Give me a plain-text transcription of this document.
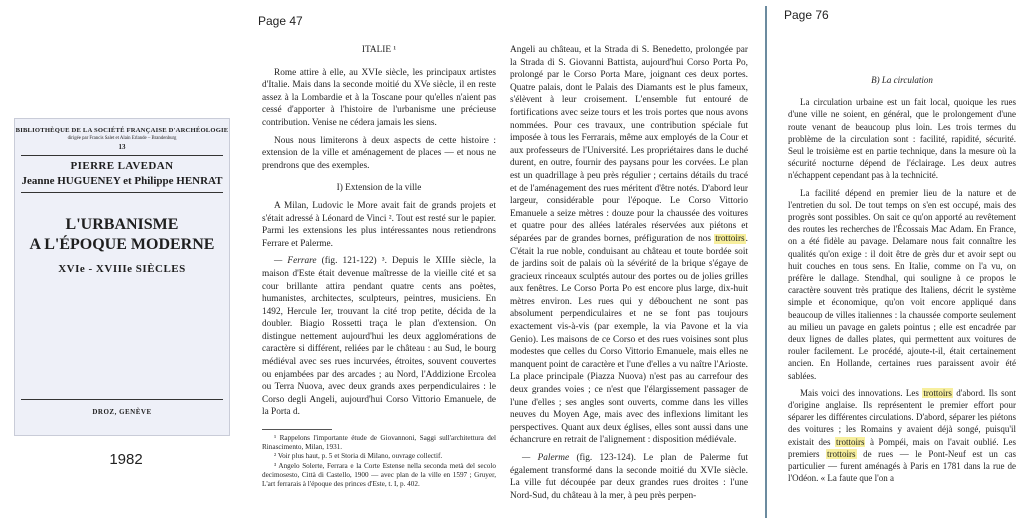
BIBLIOTHÈQUE DE LA SOCIÉTÉ FRANÇAISE D'ARCHÉOLOGIE
dirigée par Francis Salet et Alain Erlande – Brandenburg
13
PIERRE LAVEDAN
Jeanne HUGUENEY et Philippe HENRAT
L'URBANISME
A L'ÉPOQUE MODERNE
XVIe - XVIIIe SIÈCLES
DROZ, GENÈVE
1982
Page 47

ITALIE ¹

Rome attire à elle, au XVIe siècle, les principaux artistes d'Italie. Mais dans la seconde moitié du XVe siècle, il en reste assez à la Lombardie et à la Toscane pour qu'elles n'aient pas cessé d'apporter à l'histoire de l'urbanisme une précieuse contribution. Venise ne cédera jamais les siens.

Nous nous limiterons à deux aspects de cette histoire : extension de la ville et aménagement de places — et nous ne prendrons que des exemples.

I) Extension de la ville

A Milan, Ludovic le More avait fait de grands projets et s'était adressé à Léonard de Vinci ². Tout est resté sur le papier. Parmi les extensions les plus intéressantes nous retiendrons Ferrare et Palerme.

— Ferrare (fig. 121-122) ³. Depuis le XIIIe siècle, la maison d'Este était devenue maîtresse de la vieille cité et sa cour brillante attira pendant quatre cents ans poètes, humanistes, architectes, sculpteurs, peintres, musiciens. En 1492, Hercule Ier, trouvant la cité trop petite, décida de la doubler. Biagio Rossetti traça le plan d'extension. On distingue nettement aujourd'hui les deux agglomérations de caractère si différent, reliées par le château : au Sud, le bourg médiéval avec ses rues incurvées, étroites, souvent couvertes ou enjambées par des arcades ; au Nord, l'Addizione Ercolea ou Terra Nuova, avec deux grands axes perpendiculaires : le Corso degli Angeli, aujourd'hui Corso Vittorio Emanuele, de la Porta d.

¹ Rappelons l'importante étude de Giovannoni, Saggi sull'architettura del Rinascimento, Milan, 1931.

² Voir plus haut, p. 5 et Storia di Milano, ouvrage collectif.

³ Angelo Solerte, Ferrara e la Corte Estense nella seconda metà del secolo decimosesto, Città di Castello, 1900 — avec plan de la ville en 1597 ; Gruyer, L'art ferrarais à l'époque des princes d'Este, t. I, p. 402.

Angeli au château, et la Strada di S. Benedetto, prolongée par la Strada di S. Giovanni Battista, aujourd'hui Corso Porta Po, prolongé par le Corso Porta Mare, joignant ces deux portes. Quatre palais, dont le Palais des Diamants est le plus fameux, s'élèvent à leur croisement. L'ensemble fut entouré de fortifications avec seize tours et les trois portes que nous avons nommées. Pour ces travaux, une contribution spéciale fut imposée à tous les Ferrarais, même aux employés de la Cour et aux professeurs de l'Université. Les propriétaires dans le duché durent, en outre, fournir des paysans pour les corvées. Le plan est un quadrillage à peu près régulier ; certains détails du tracé et de l'aménagement des rues méritent d'être notés. D'abord leur largeur, considérable pour l'époque. Le Corso Vittorio Emanuele a seize mètres : douze pour la chaussée des voitures et quatre pour des allées latérales réservées aux piétons et séparées par de grandes bornes, préfiguration de nos trottoirs. C'était la rue noble, conduisant au château et toute bordée soit de jardins soit de palais où la sévérité de la brique s'égaye de gracieux rinceaux sculptés autour des portes ou de jolies grilles aux fenêtres. Le Corso Porta Po est encore plus large, dix-huit mètres environ. Les rues qui y débouchent ne sont pas absolument perpendiculaires et ne se font pas toujours exactement vis-à-vis (par exemple, la via Pavone et la via Genio). Les maisons de ce Corso et des rues voisines sont plus modestes que celles du Corso Vittorio Emanuele, mais elles ne manquent point de caractère et l'une d'elles a vu naître l'Arioste. La place principale (Piazza Nuova) n'est pas au carrefour des deux grandes voies ; ce n'est que l'élargissement passager de l'une d'elles ; ses angles sont ouverts, comme dans les villes neuves du Moyen Age, mais avec des inflexions limitant les perspectives. Quant aux deux églises, elles sont aussi dans une échancrure en retrait de l'alignement : disposition médiévale.

— Palerme (fig. 123-124). Le plan de Palerme fut également transformé dans la seconde moitié du XVIe siècle. La ville fut découpée par deux grandes rues droites : l'une Nord-Sud, du château à la mer, à peu près perpen-

Page 76

B) La circulation

La circulation urbaine est un fait local, quoique les rues d'une ville ne soient, en général, que le prolongement d'une route venant de beaucoup plus loin. Les trois termes du problème de la circulation sont : facilité, rapidité, sécurité. Seul le troisième est en partie technique, dans la mesure où la sécurité nocturne dépend de l'éclairage. Les deux autres n'échappent cependant pas à la technicité.

La facilité dépend en premier lieu de la nature et de l'entretien du sol. De tout temps on s'en est occupé, mais des progrès sont possibles. On sait ce qu'on apporté au revêtement des routes les recherches de l'Écossais Mac Adam. En France, on a été fidèle au pavage. Delamare nous fait connaître les qualités qu'on exige : il doit être de grès dur et avoir sept ou huit couches en tous sens. En Italie, comme on l'a vu, on préfère le dallage. Stendhal, qui souligne à ce propos le caractère souvent très pratique des Italiens, décrit le système simple et économique, qu'on voit encore appliqué dans beaucoup de villes italiennes : la chaussée comporte seulement au milieu un pavage en galets pointus ; elle est encadrée par deux lignes de dalles plates, qui permettent aux voitures de rouler facilement. Le procédé, ajoute-t-il, était certainement ancien. En Hollande, certaines rues paraissent avoir été sablées.

Mais voici des innovations. Les trottoirs d'abord. Ils sont d'origine anglaise. Ils représentent le premier effort pour séparer les différentes circulations. D'abord, séparer les piétons des voitures ; les Romains y avaient déjà songé, puisqu'il existait des trottoirs à Pompéi, mais on l'avait oublié. Les premiers trottoirs de rues — le Pont-Neuf est un cas particulier — furent aménagés à Paris en 1781 dans la rue de l'Odéon. « La faute que l'on a
